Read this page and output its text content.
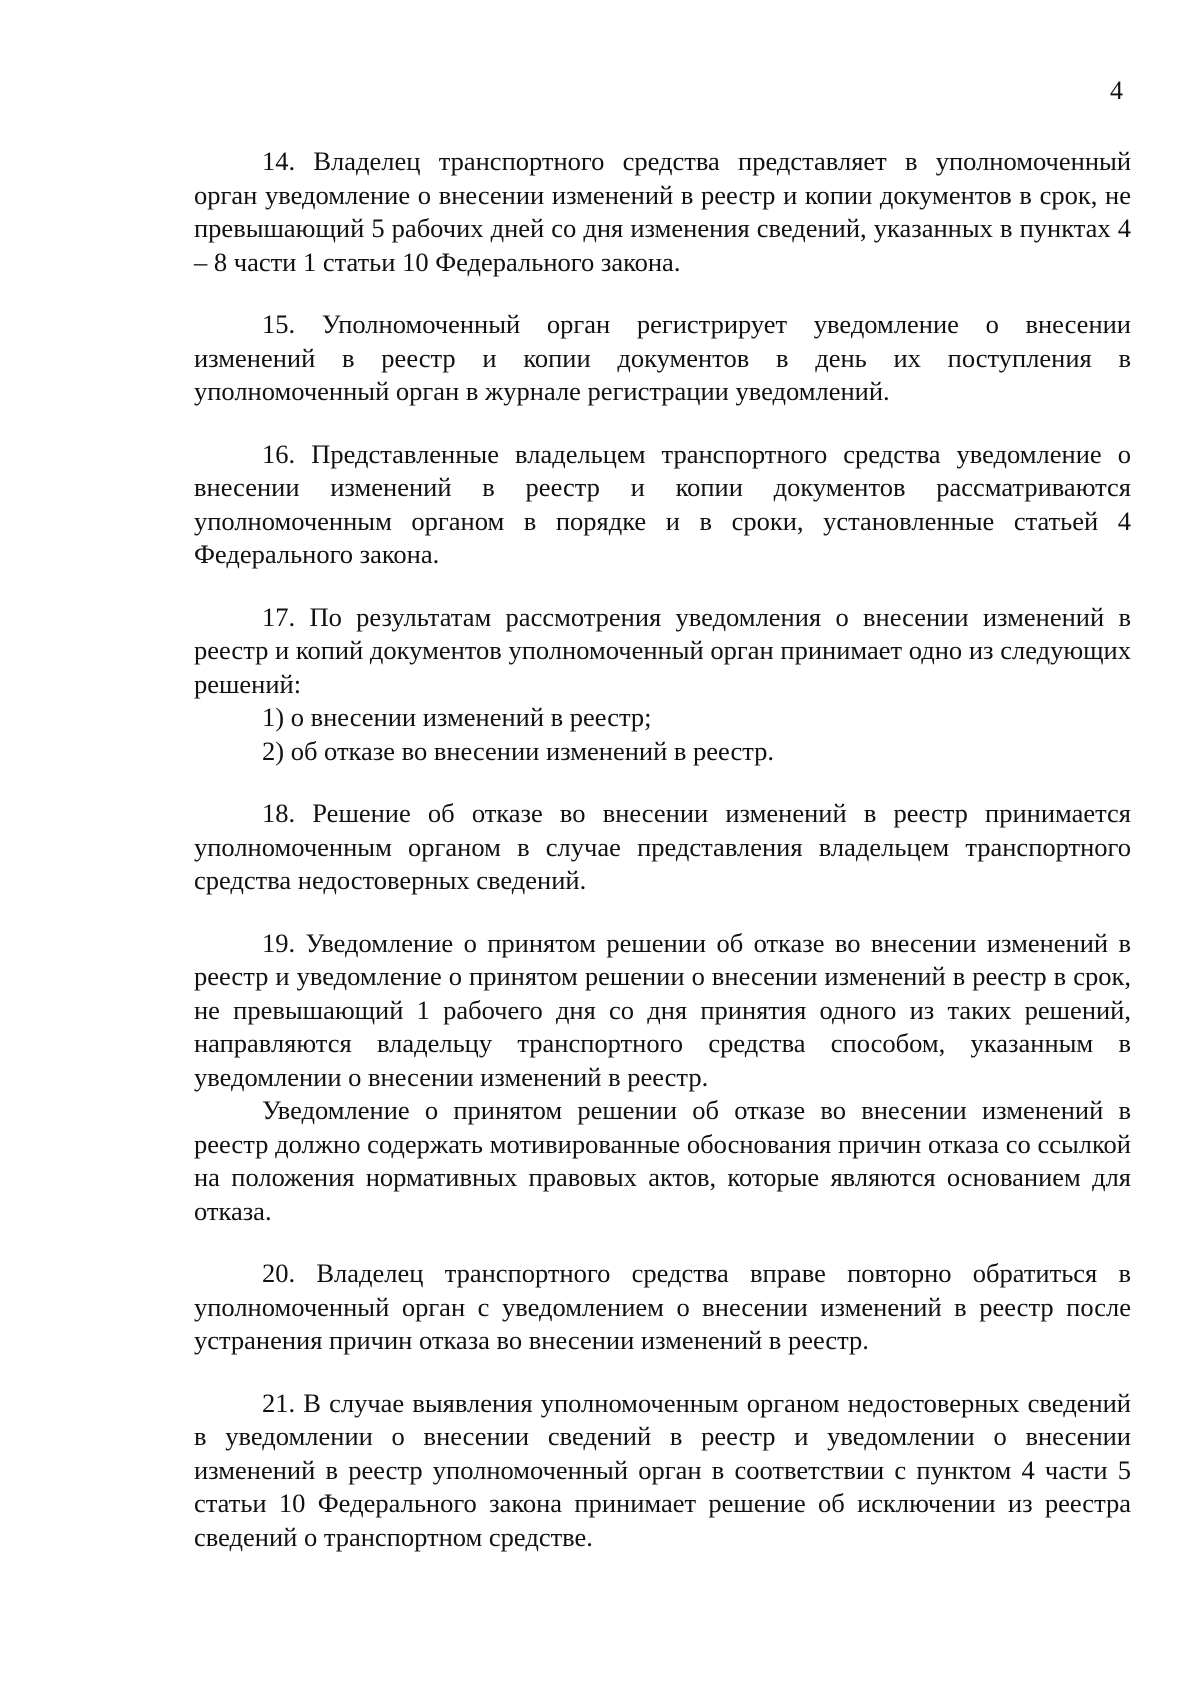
4

14. Владелец транспортного средства представляет в уполномоченный орган уведомление о внесении изменений в реестр и копии документов в срок, не превышающий 5 рабочих дней со дня изменения сведений, указанных в пунктах 4 – 8 части 1 статьи 10 Федерального закона.

15. Уполномоченный орган регистрирует уведомление о внесении изменений в реестр и копии документов в день их поступления в уполномоченный орган в журнале регистрации уведомлений.

16. Представленные владельцем транспортного средства уведомление о внесении изменений в реестр и копии документов рассматриваются уполномоченным органом в порядке и в сроки, установленные статьей 4 Федерального закона.

17. По результатам рассмотрения уведомления о внесении изменений в реестр и копий документов уполномоченный орган принимает одно из следующих решений:

1) о внесении изменений в реестр;

2) об отказе во внесении изменений в реестр.

18. Решение об отказе во внесении изменений в реестр принимается уполномоченным органом в случае представления владельцем транспортного средства недостоверных сведений.

19. Уведомление о принятом решении об отказе во внесении изменений в реестр и уведомление о принятом решении о внесении изменений в реестр в срок, не превышающий 1 рабочего дня со дня принятия одного из таких решений, направляются владельцу транспортного средства способом, указанным в уведомлении о внесении изменений в реестр.

Уведомление о принятом решении об отказе во внесении изменений в реестр должно содержать мотивированные обоснования причин отказа со ссылкой на положения нормативных правовых актов, которые являются основанием для отказа.

20. Владелец транспортного средства вправе повторно обратиться в уполномоченный орган с уведомлением о внесении изменений в реестр после устранения причин отказа во внесении изменений в реестр.

21. В случае выявления уполномоченным органом недостоверных сведений в уведомлении о внесении сведений в реестр и уведомлении о внесении изменений в реестр уполномоченный орган в соответствии с пунктом 4 части 5 статьи 10 Федерального закона принимает решение об исключении из реестра сведений о транспортном средстве.
